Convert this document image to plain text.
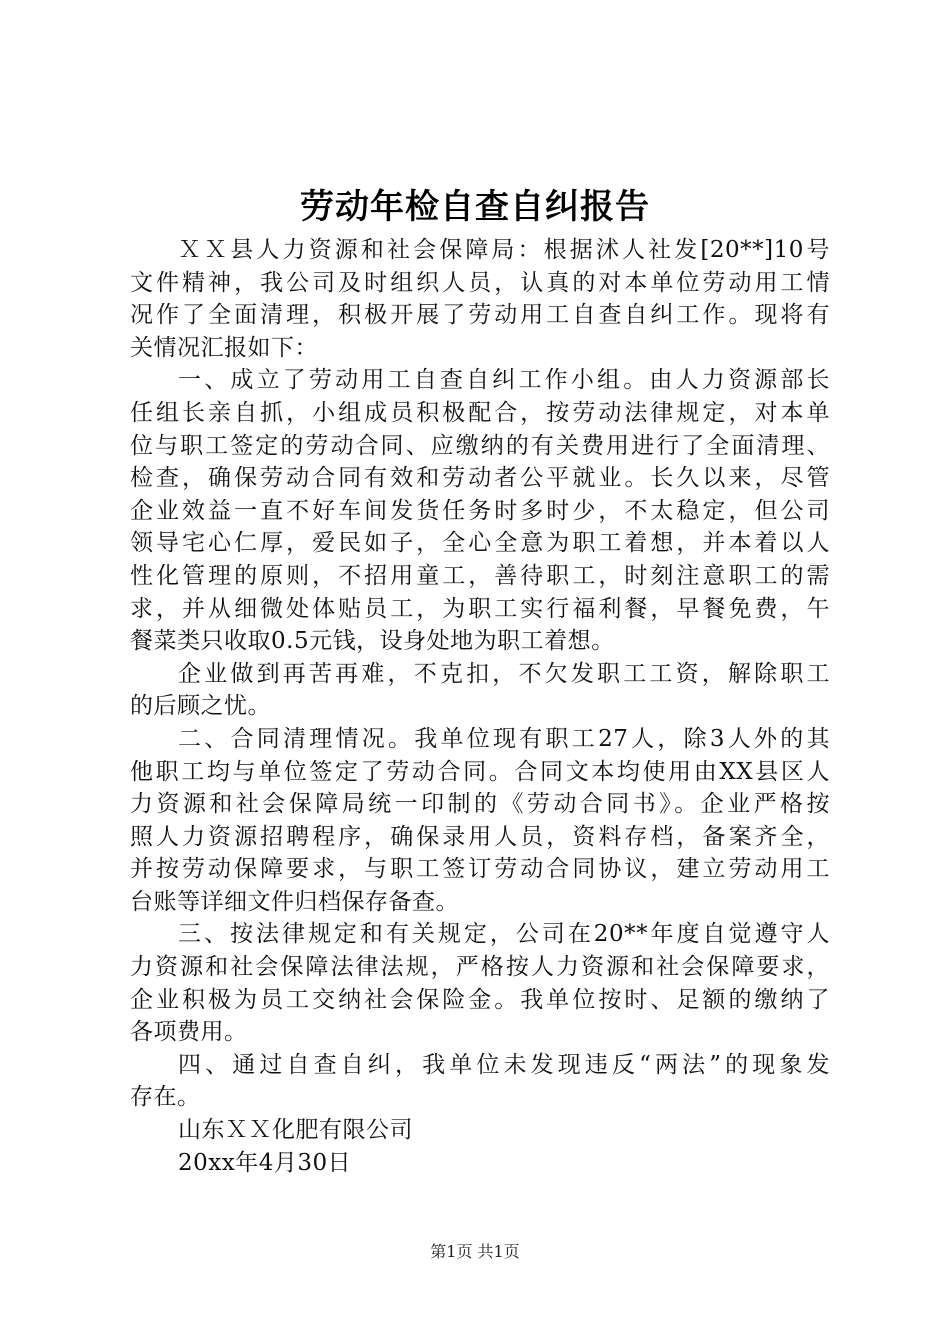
劳动年检自查自纠报告
ＸＸ县人力资源和社会保障局：根据沭人社发[20**]10号
文件精神，我公司及时组织人员，认真的对本单位劳动用工情
况作了全面清理，积极开展了劳动用工自查自纠工作。现将有
关情况汇报如下：
一、成立了劳动用工自查自纠工作小组。由人力资源部长
任组长亲自抓，小组成员积极配合，按劳动法律规定，对本单
位与职工签定的劳动合同、应缴纳的有关费用进行了全面清理、
检查，确保劳动合同有效和劳动者公平就业。长久以来，尽管
企业效益一直不好车间发货任务时多时少，不太稳定，但公司
领导宅心仁厚，爱民如子，全心全意为职工着想，并本着以人
性化管理的原则，不招用童工，善待职工，时刻注意职工的需
求，并从细微处体贴员工，为职工实行福利餐，早餐免费，午
餐菜类只收取0.5元钱，设身处地为职工着想。
企业做到再苦再难，不克扣，不欠发职工工资，解除职工
的后顾之忧。
二、合同清理情况。我单位现有职工27人，除3人外的其
他职工均与单位签定了劳动合同。合同文本均使用由XX县区人
力资源和社会保障局统一印制的《劳动合同书》。企业严格按
照人力资源招聘程序，确保录用人员，资料存档，备案齐全，
并按劳动保障要求，与职工签订劳动合同协议，建立劳动用工
台账等详细文件归档保存备查。
三、按法律规定和有关规定，公司在20**年度自觉遵守人
力资源和社会保障法律法规，严格按人力资源和社会保障要求，
企业积极为员工交纳社会保险金。我单位按时、足额的缴纳了
各项费用。
四、通过自查自纠，我单位未发现违反“两法”的现象发
存在。
山东ＸＸ化肥有限公司
20xx年4月30日
第1页 共1页
